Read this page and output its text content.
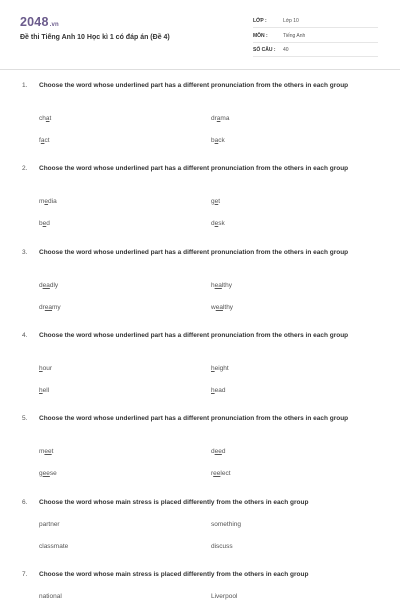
2048.vn
Đề thi Tiếng Anh 10 Học kì 1 có đáp án (Đề 4)
LỚP :	Lớp 10
MÔN :	Tiếng Anh
SỐ CÂU : 40
1. Choose the word whose underlined part has a different pronunciation from the others in each group
chat	drama
fact	back
2. Choose the word whose underlined part has a different pronunciation from the others in each group
media	get
bed	desk
3. Choose the word whose underlined part has a different pronunciation from the others in each group
deadly	healthy
dreamy	wealthy
4. Choose the word whose underlined part has a different pronunciation from the others in each group
hour	height
hell	head
5. Choose the word whose underlined part has a different pronunciation from the others in each group
meet	deed
geese	reelect
6. Choose the word whose main stress is placed differently from the others in each group
partner	something
classmate	discuss
7. Choose the word whose main stress is placed differently from the others in each group
national	Liverpool
